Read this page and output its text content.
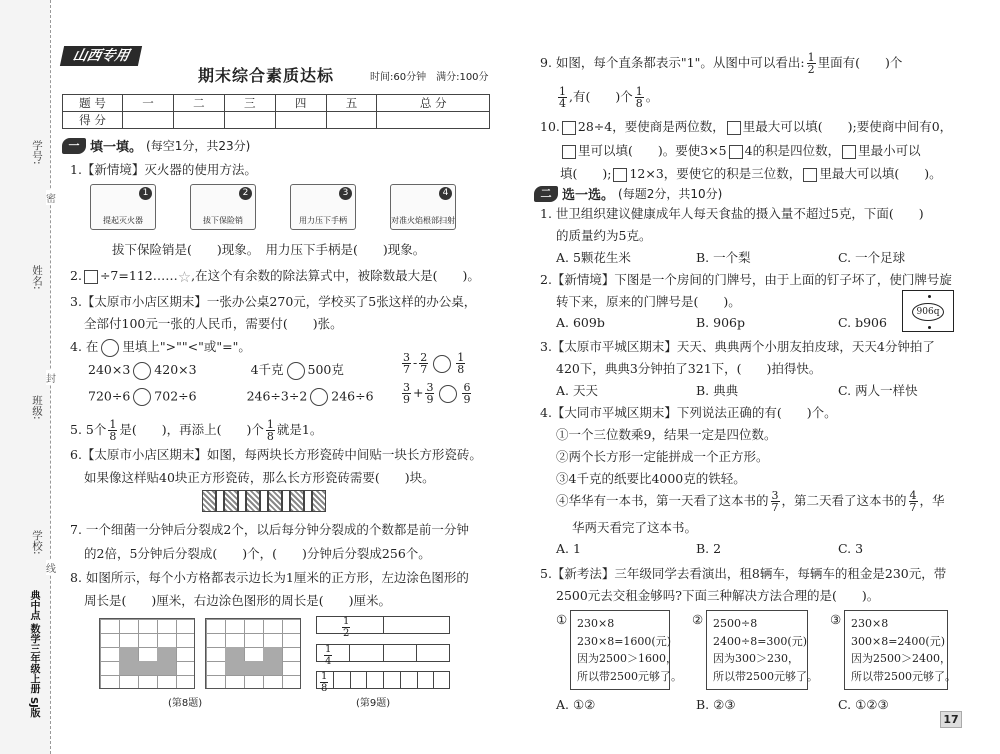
学号:
姓名:
班级:
学校:
密
封
线
典中点 数学三年级上册 SJ版
山西专用
期末综合素质达标	时间:60分钟　满分:100分
题 号	一	二	三	四	五	总 分
得 分						
一 填一填。 (每空1分，共23分)
1.【新情境】灭火器的使用方法。
1
提起灭火器
2
拔下保险销
3
用力压下手柄
4
对准火焰根部扫射
拔下保险销是(　　)现象。　用力压下手柄是(　　)现象。
2. ÷7=112……☆,在这个有余数的除法算式中，被除数最大是(　　)。
3.【太原市小店区期末】一张办公桌270元，学校买了5张这样的办公桌，
全部付100元一张的人民币，需要付(　　)张。
4. 在 里填上">""<"或"="。
240×3 420×3	4千克 500克	$\frac{3}{7} - \frac{2}{7}$	$\frac{1}{8}$
720÷6 702÷6	246÷3÷2 246÷6	$\frac{3}{9} + \frac{3}{9}$	$\frac{6}{9}$
5. 5个 $\frac{1}{8}$ 是(　　)，再添上(　　)个 $\frac{1}{8}$ 就是1。
6.【太原市小店区期末】如图，每两块长方形瓷砖中间贴一块长方形瓷砖。
如果像这样贴40块正方形瓷砖，那么长方形瓷砖需要(　　)块。
7. 一个细菌一分钟后分裂成2个，以后每分钟分裂成的个数都是前一分钟
的2倍，5分钟后分裂成(　　)个，(　　)分钟后分裂成256个。
8. 如图所示，每个小方格都表示边长为1厘米的正方形，左边涂色图形的
周长是(　　)厘米，右边涂色图形的周长是(　　)厘米。
(第8题)
$\frac{1}{2}$
$\frac{1}{4}$
$\frac{1}{8}$
(第9题)
9. 如图，每个直条都表示"1"。从图中可以看出: $\frac{1}{2}$ 里面有(　　)个
$\frac{1}{4}$ ,有(　　)个 $\frac{1}{8}$ 。
10. 28÷4，要使商是两位数， 里最大可以填(　　);要使商中间有0，
里可以填(　　)。要使3×5 4的积是四位数， 里最小可以
填(　　); 12×3，要使它的积是三位数， 里最大可以填(　　)。
二 选一选。 (每题2分，共10分)
1. 世卫组织建议健康成年人每天食盐的摄入量不超过5克，下面(　　)
的质量约为5克。
A. 5颗花生米	B. 一个梨	C. 一个足球
2.【新情境】下图是一个房间的门牌号，由于上面的钉子坏了，使门牌号旋
转下来，原来的门牌号是(　　)。
A. 609b	B. 906p	C. b906
906q
3.【太原市平城区期末】天天、典典两个小朋友拍皮球，天天4分钟拍了
420下，典典3分钟拍了321下，(　　)拍得快。
A. 天天	B. 典典	C. 两人一样快
4.【大同市平城区期末】下列说法正确的有(　　)个。
①一个三位数乘9，结果一定是四位数。
②两个长方形一定能拼成一个正方形。
③4千克的纸要比4000克的铁轻。
④华华有一本书，第一天看了这本书的 $\frac{3}{7}$ ，第二天看了这本书的 $\frac{4}{7}$ ，华
华两天看完了这本书。
A. 1	B. 2	C. 3
5.【新考法】三年级同学去看演出，租8辆车，每辆车的租金是230元，带
2500元去交租金够吗?下面三种解决方法合理的是(　　)。
① 230×8
230×8=1600(元)
因为2500＞1600，
所以带2500元够了。
② 2500÷8
2400÷8=300(元)
因为300＞230，
所以带2500元够了。
③ 230×8
300×8=2400(元)
因为2500＞2400，
所以带2500元够了。
A. ①②	B. ②③	C. ①②③
17
